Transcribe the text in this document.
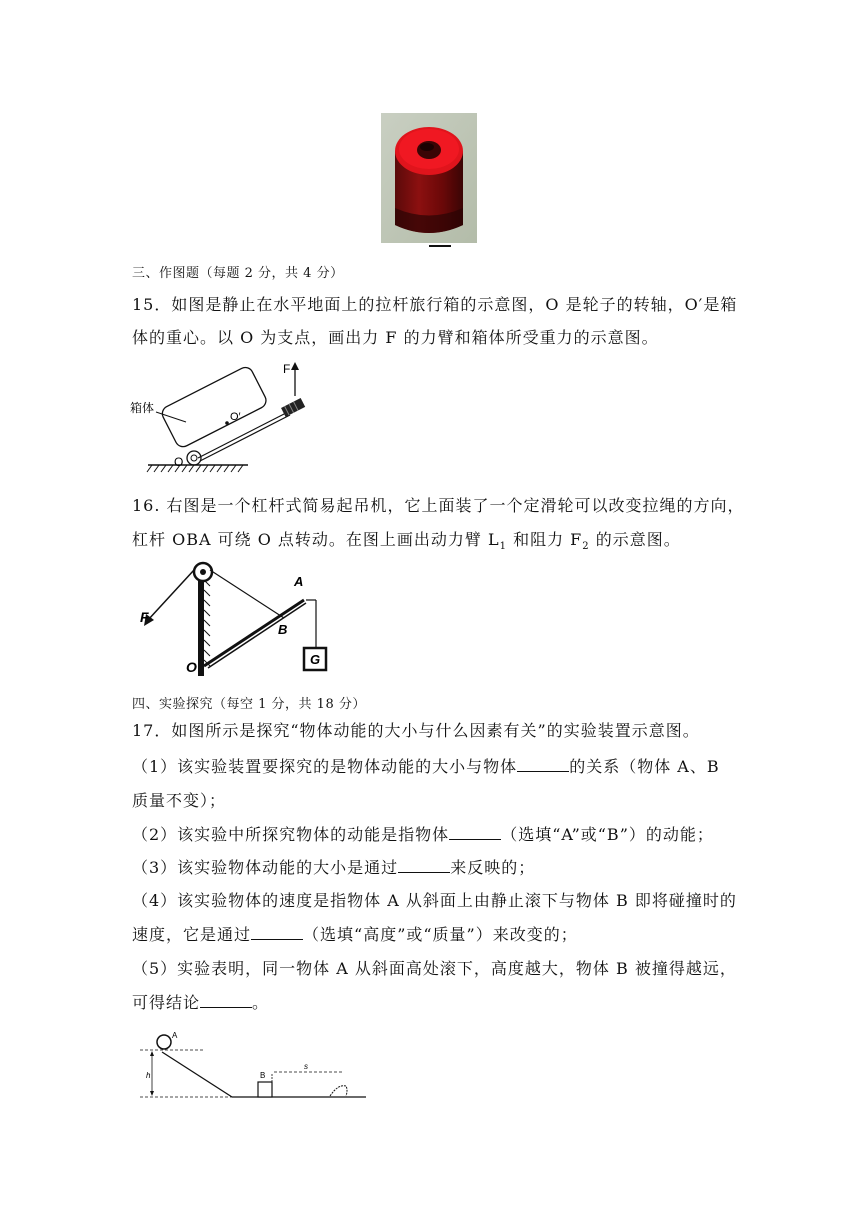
三、作图题（每题 2 分，共 4 分）
15．如图是静止在水平地面上的拉杆旅行箱的示意图，O 是轮子的转轴，O′是箱
体的重心。以 O 为支点，画出力 F 的力臂和箱体所受重力的示意图。
O′
箱体
O
F
16. 右图是一个杠杆式简易起吊机，它上面装了一个定滑轮可以改变拉绳的方向，
杠杆 OBA 可绕 O 点转动。在图上画出动力臂 $L_1$ 和阻力 $F_2$ 的示意图。
G
F
O
A
B
四、实验探究（每空 1 分，共 18 分）
17．如图所示是探究“物体动能的大小与什么因素有关”的实验装置示意图。
（1）该实验装置要探究的是物体动能的大小与物体	的关系（物体 A、B
质量不变）；
（2）该实验中所探究物体的动能是指物体	（选填“A”或“B”）的动能；
（3）该实验物体动能的大小是通过	来反映的；
（4）该实验物体的速度是指物体 A 从斜面上由静止滚下与物体 B 即将碰撞时的
速度，它是通过	（选填“高度”或“质量”）来改变的；
（5）实验表明，同一物体 A 从斜面高处滚下，高度越大，物体 B 被撞得越远，
可得结论	。
h
A
B
s
